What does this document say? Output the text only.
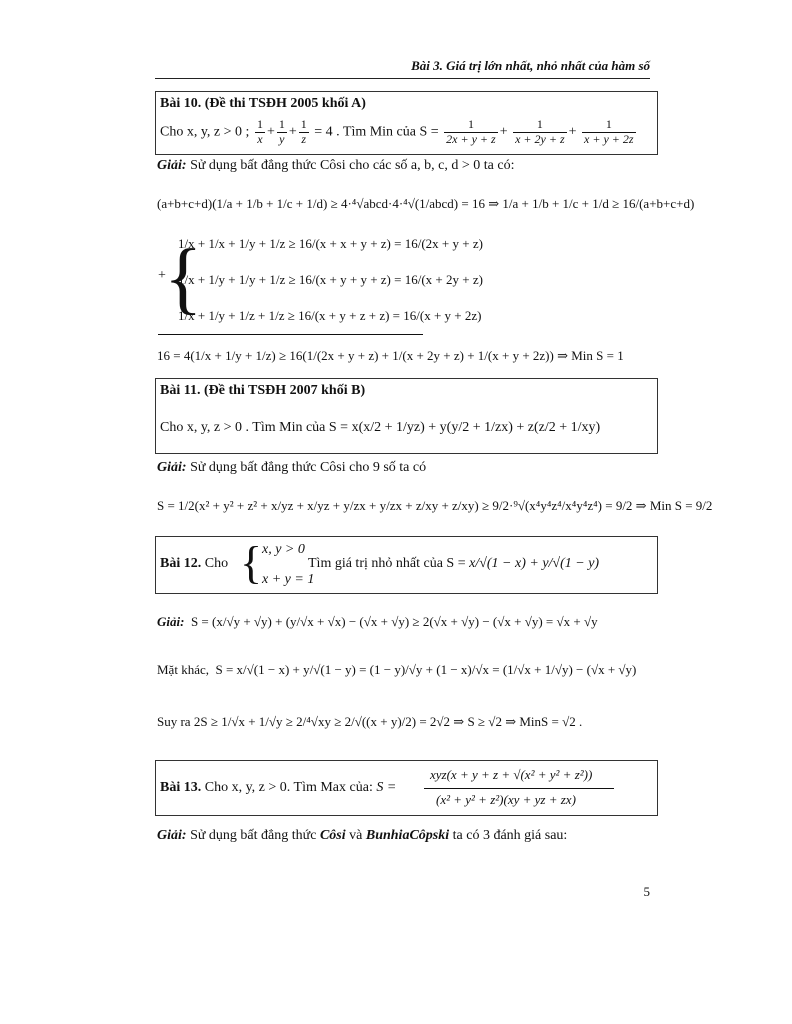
Bài 3. Giá trị lớn nhất, nhỏ nhất của hàm số
Bài 10. (Đề thi TSĐH 2005 khối A)
Cho x, y, z > 0 ; $\frac{1}{x} + \frac{1}{y} + \frac{1}{z} = 4$ . Tìm Min của $S = \frac{1}{2x + y + z} + \frac{1}{x + 2y + z} + \frac{1}{x + y + 2z}$
Giải: Sử dụng bất đẳng thức Côsi cho các số a, b, c, d > 0 ta có:
(a+b+c+d)(1/a + 1/b + 1/c + 1/d) ≥ 4·⁴√abcd·4·⁴√(1/abcd) = 16 ⇒ 1/a + 1/b + 1/c + 1/d ≥ 16/(a+b+c+d)
{
+
1/x + 1/x + 1/y + 1/z ≥ 16/(x + x + y + z) = 16/(2x + y + z)
1/x + 1/y + 1/y + 1/z ≥ 16/(x + y + y + z) = 16/(x + 2y + z)
1/x + 1/y + 1/z + 1/z ≥ 16/(x + y + z + z) = 16/(x + y + 2z)
16 = 4(1/x + 1/y + 1/z) ≥ 16(1/(2x + y + z) + 1/(x + 2y + z) + 1/(x + y + 2z)) ⇒ Min S = 1
Bài 11. (Đề thi TSĐH 2007 khối B)
Cho x, y, z > 0 . Tìm Min của S = x(x/2 + 1/yz) + y(y/2 + 1/zx) + z(z/2 + 1/xy)
Giải: Sử dụng bất đẳng thức Côsi cho 9 số ta có
S = 1/2(x² + y² + z² + x/yz + x/yz + y/zx + y/zx + z/xy + z/xy) ≥ 9/2·⁹√(x⁴y⁴z⁴/x⁴y⁴z⁴) = 9/2 ⇒ Min S = 9/2
Bài 12. Cho { x, y > 0
x + y = 1
Tìm giá trị nhỏ nhất của S = x/√(1 − x) + y/√(1 − y)
Giải: S = (x/√y + √y) + (y/√x + √x) − (√x + √y) ≥ 2(√x + √y) − (√x + √y) = √x + √y
Mặt khác, S = x/√(1 − x) + y/√(1 − y) = (1 − y)/√y + (1 − x)/√x = (1/√x + 1/√y) − (√x + √y)
Suy ra 2S ≥ 1/√x + 1/√y ≥ 2/⁴√xy ≥ 2/√((x + y)/2) = 2√2 ⇒ S ≥ √2 ⇒ MinS = √2 .
Bài 13. Cho x, y, z > 0. Tìm Max của: S =
xyz(x + y + z + √(x² + y² + z²))
(x² + y² + z²)(xy + yz + zx)
Giải: Sử dụng bất đẳng thức Côsi và BunhiaCôpski ta có 3 đánh giá sau:
5
